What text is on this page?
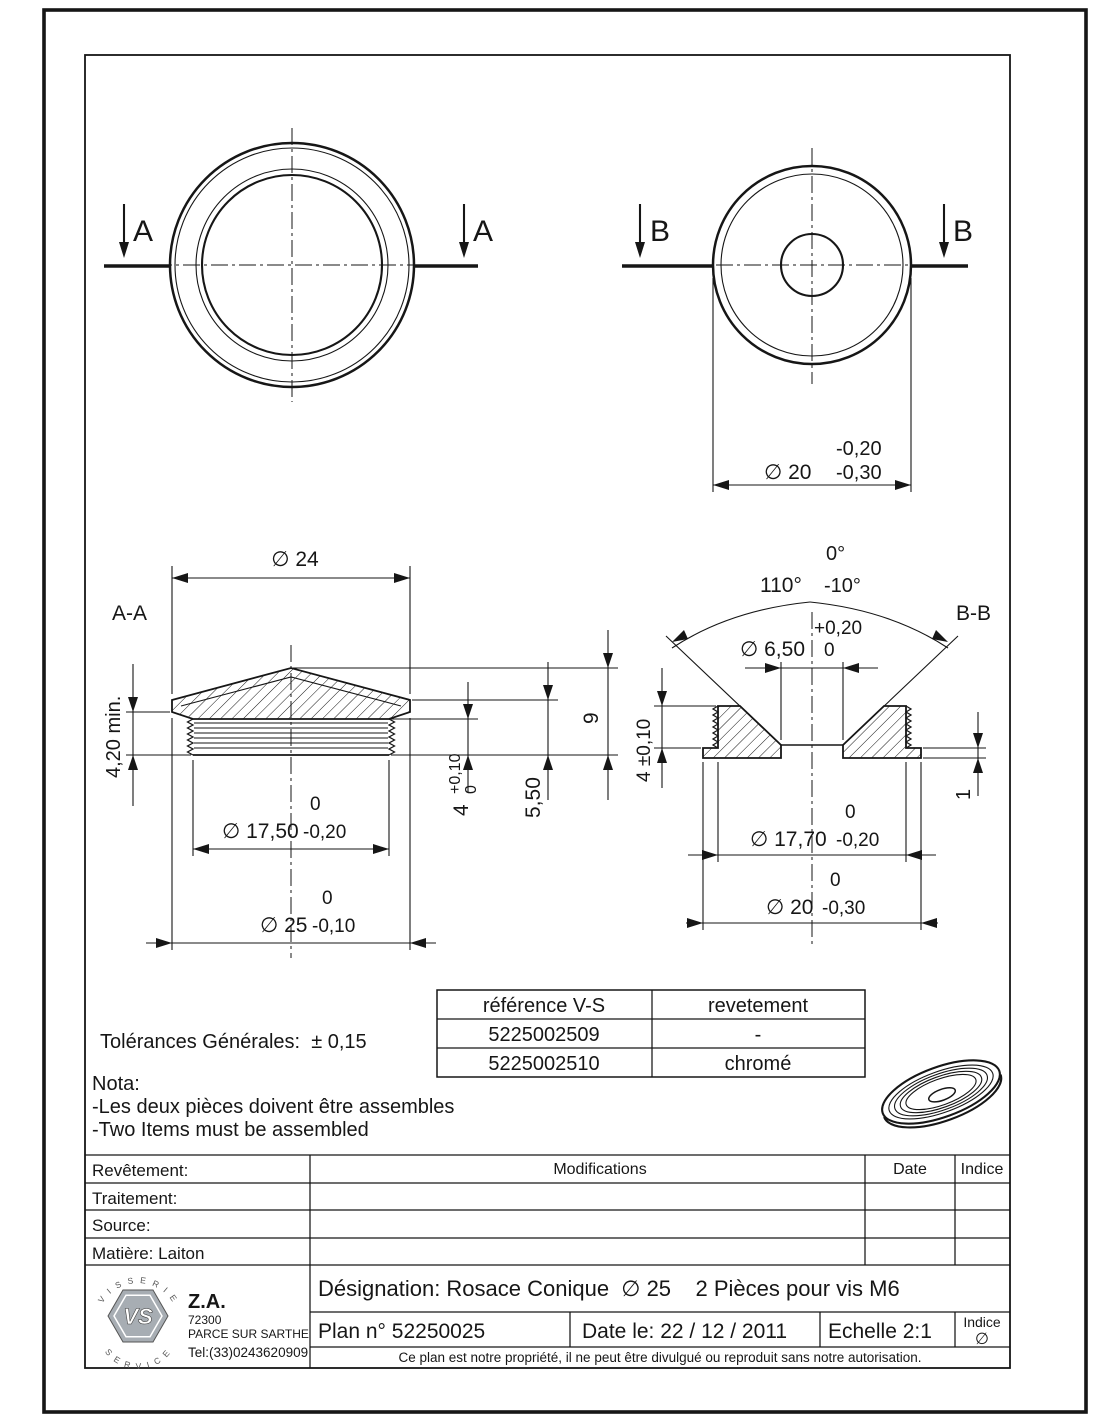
A	A	B	B
-0,20
∅ 20 -0,30
A-A
∅ 24
4,20 min.
0
∅ 17,50 -0,20
0
∅ 25 -0,10
4
+0,10 0 5,50
9
B-B
0°
110° -10°
+0,20
∅ 6,50 0
4 ±0,10
1
0
∅ 17,70 -0,20
0
∅ 20 -0,30
référence V-S	revetement
5225002509	-
5225002510	chromé
Tolérances Générales:  ± 0,15
Nota:
-Les deux pièces doivent être assembles
-Two Items must be assembled
Revêtement:
Traitement:
Source:
Matière: Laiton
Modifications	Date Indice
Désignation: Rosace Conique  ∅ 25    2 Pièces pour vis M6
Plan n° 52250025	Date le: 22 / 12 / 2011 Echelle 2:1 Indice
∅
Ce plan est notre propriété, il ne peut être divulgué ou reproduit sans notre autorisation.
Z.A.
72300
PARCE SUR SARTHE
Tel:(33)0243620909
VS
V I S S E R I E
S E R V I C E
